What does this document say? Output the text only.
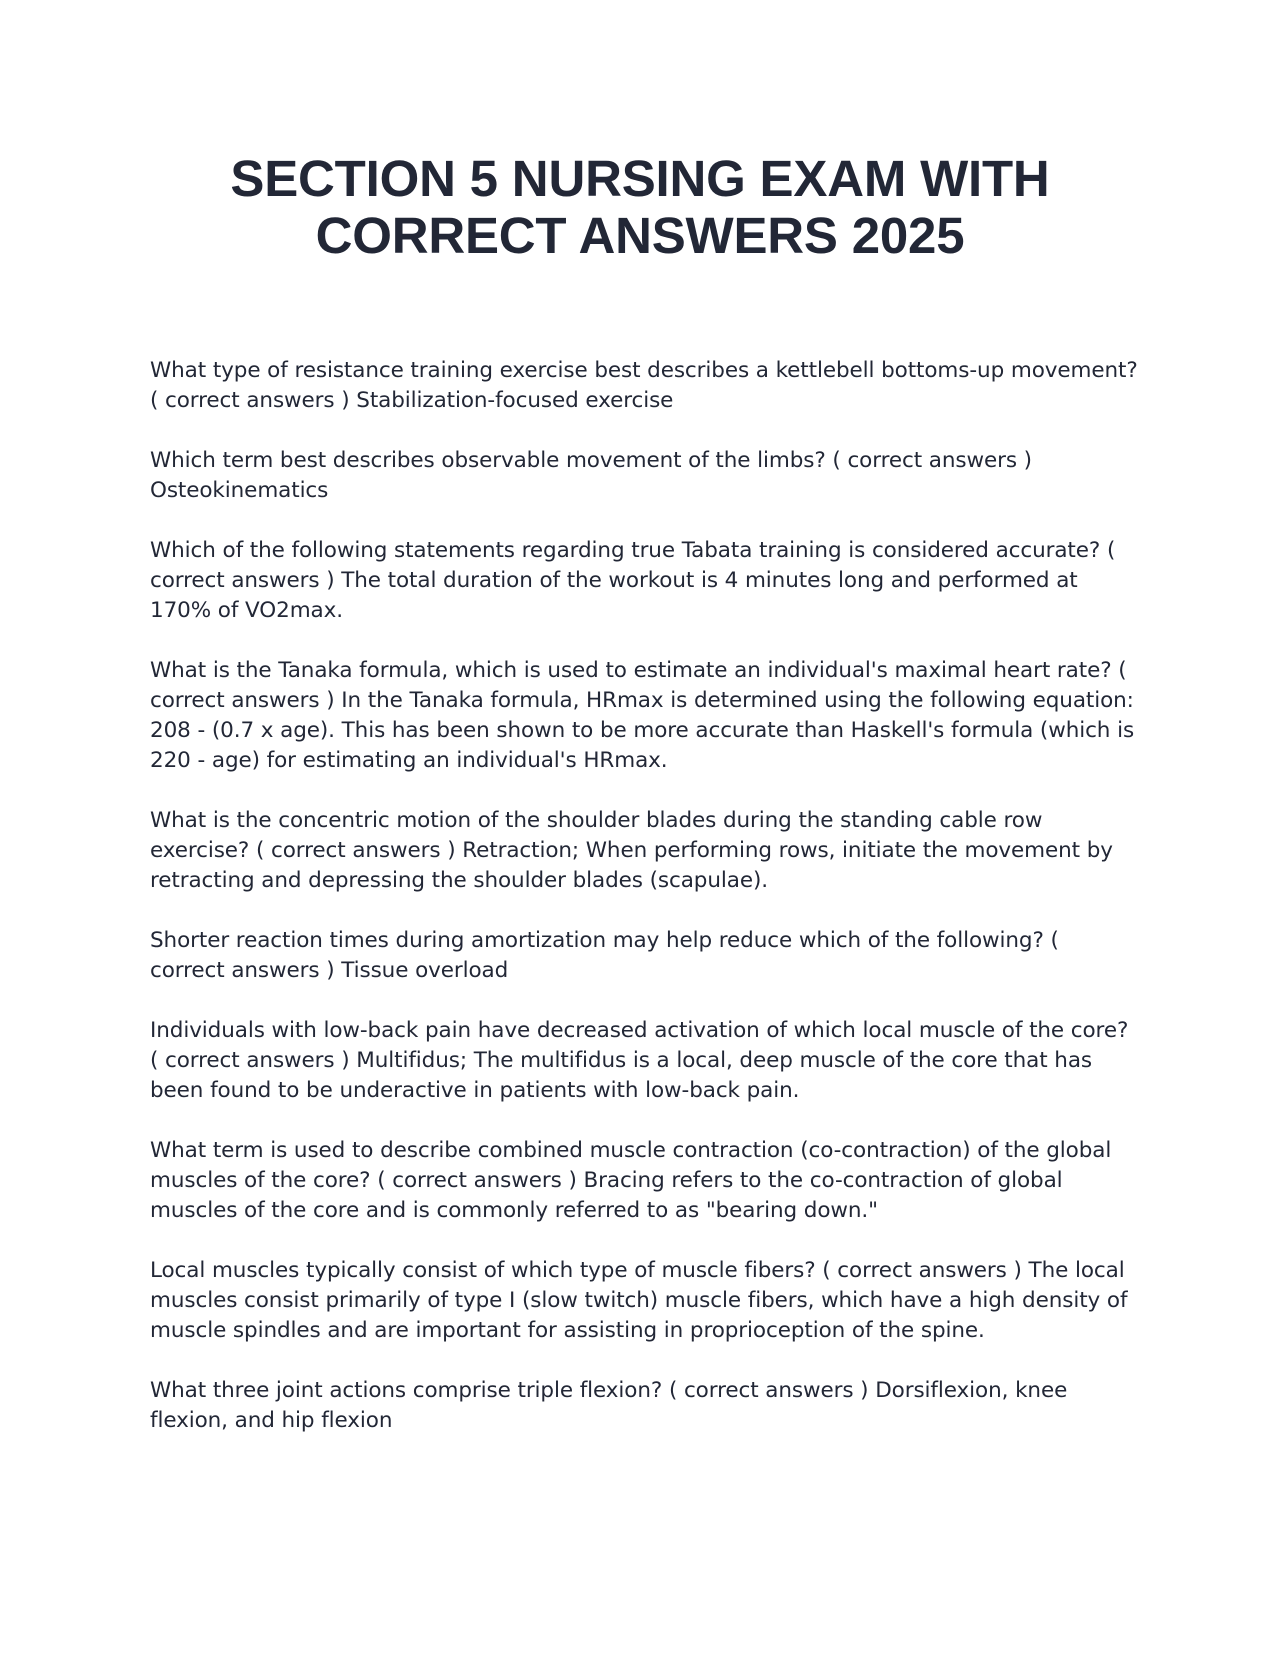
SECTION 5 NURSING EXAM WITH
CORRECT ANSWERS 2025
What type of resistance training exercise best describes a kettlebell bottoms-up movement? ( correct answers ) Stabilization-focused exercise
Which term best describes observable movement of the limbs? ( correct answers ) Osteokinematics
Which of the following statements regarding true Tabata training is considered accurate? ( correct answers ) The total duration of the workout is 4 minutes long and performed at 170% of VO2max.
What is the Tanaka formula, which is used to estimate an individual's maximal heart rate? ( correct answers ) In the Tanaka formula, HRmax is determined using the following equation: 208 - (0.7 x age). This has been shown to be more accurate than Haskell's formula (which is 220 - age) for estimating an individual's HRmax.
What is the concentric motion of the shoulder blades during the standing cable row exercise? ( correct answers ) Retraction; When performing rows, initiate the movement by retracting and depressing the shoulder blades (scapulae).
Shorter reaction times during amortization may help reduce which of the following? ( correct answers ) Tissue overload
Individuals with low-back pain have decreased activation of which local muscle of the core? ( correct answers ) Multifidus; The multifidus is a local, deep muscle of the core that has been found to be underactive in patients with low-back pain.
What term is used to describe combined muscle contraction (co-contraction) of the global muscles of the core? ( correct answers ) Bracing refers to the co-contraction of global muscles of the core and is commonly referred to as "bearing down."
Local muscles typically consist of which type of muscle fibers? ( correct answers ) The local muscles consist primarily of type I (slow twitch) muscle fibers, which have a high density of muscle spindles and are important for assisting in proprioception of the spine.
What three joint actions comprise triple flexion? ( correct answers ) Dorsiflexion, knee flexion, and hip flexion
